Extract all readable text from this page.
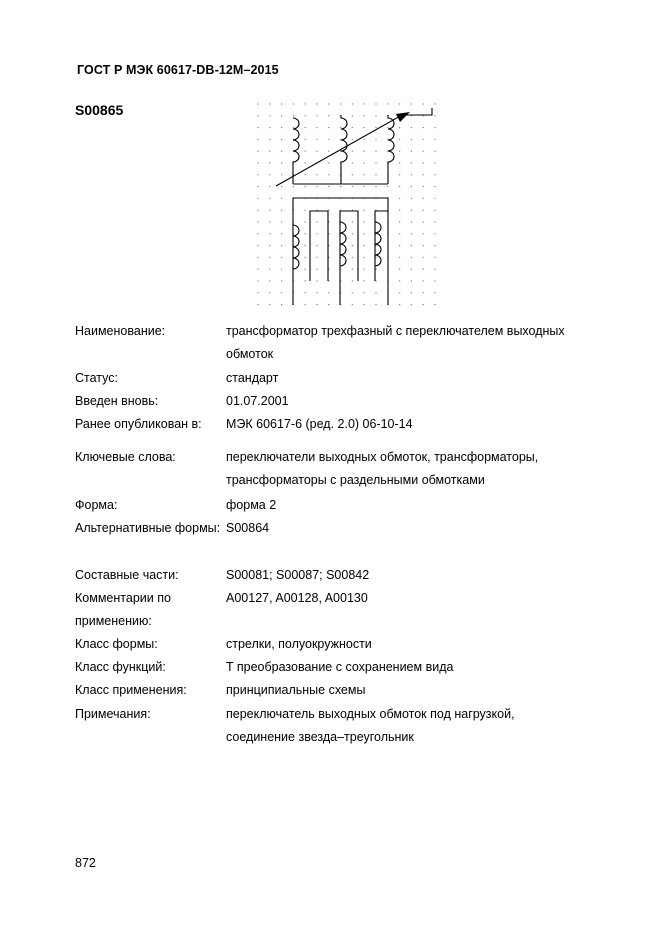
ГОСТ Р МЭК 60617-DB-12M–2015
S00865
Наименование:	трансформатор трехфазный с переключателем выходных обмоток
Статус:	стандарт
Введен вновь:	01.07.2001
Ранее опубликован в:	МЭК 60617-6 (ред. 2.0) 06-10-14
Ключевые слова:	переключатели выходных обмоток, трансформаторы, трансформаторы с раздельными обмотками
Форма:	форма 2
Альтернативные формы: S00864
Составные части:	S00081; S00087; S00842
Комментарии по применению:
A00127, A00128, A00130
Класс формы:	стрелки, полуокружности
Класс функций:	T преобразование с сохранением вида
Класс применения:	принципиальные схемы
Примечания:	переключатель выходных обмоток под нагрузкой, соединение звезда–треугольник
872
